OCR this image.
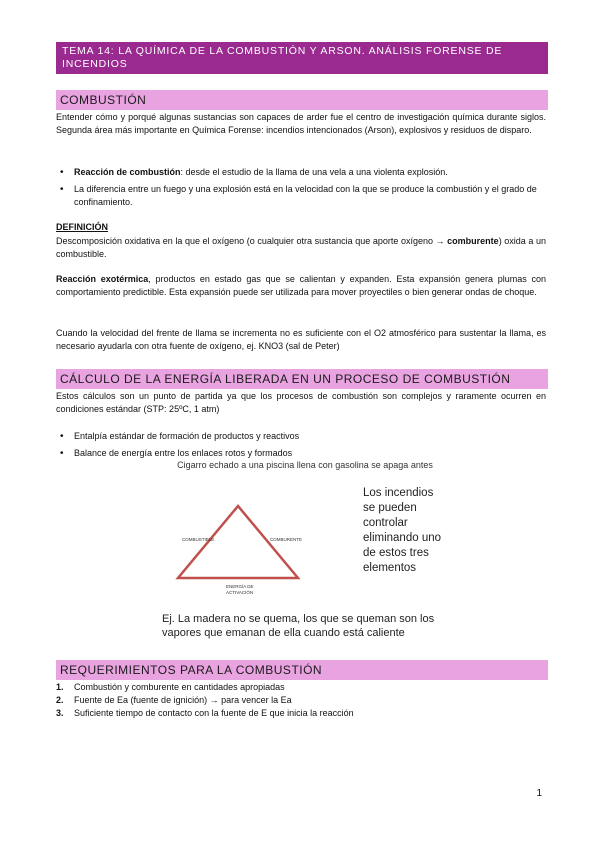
TEMA 14: LA QUÍMICA DE LA COMBUSTIÓN Y ARSON. ANÁLISIS FORENSE DE INCENDIOS
COMBUSTIÓN
Entender cómo y porqué algunas sustancias son capaces de arder fue el centro de investigación química durante siglos. Segunda área más importante en Química Forense: incendios intencionados (Arson), explosivos y residuos de disparo.
• Reacción de combustión: desde el estudio de la llama de una vela a una violenta explosión.
• La diferencia entre un fuego y una explosión está en la velocidad con la que se produce la combustión y el grado de confinamiento.
DEFINICIÓN
Descomposición oxidativa en la que el oxígeno (o cualquier otra sustancia que aporte oxígeno → comburente) oxida a un combustible.
Reacción exotérmica, productos en estado gas que se calientan y expanden. Esta expansión genera plumas con comportamiento predictible. Esta expansión puede ser utilizada para mover proyectiles o bien generar ondas de choque.
Cuando la velocidad del frente de llama se incrementa no es suficiente con el O2 atmosférico para sustentar la llama, es necesario ayudarla con otra fuente de oxígeno, ej. KNO3 (sal de Peter)
CÁLCULO DE LA ENERGÍA LIBERADA EN UN PROCESO DE COMBUSTIÓN
Estos cálculos son un punto de partida ya que los procesos de combustión son complejos y raramente ocurren en condiciones estándar (STP: 25ºC, 1 atm)
• Entalpía estándar de formación de productos y reactivos
• Balance de energía entre los enlaces rotos y formados
Cigarro echado a una piscina llena con gasolina se apaga antes
COMBUSTIBLE	COMBURENTE
ENERGÍA DE
ACTIVACIÓN
Los incendios se pueden controlar eliminando uno de estos tres elementos
Ej. La madera no se quema, los que se queman son los vapores que emanan de ella cuando está caliente
REQUERIMIENTOS PARA LA COMBUSTIÓN
1. Combustión y comburente en cantidades apropiadas
2. Fuente de Ea (fuente de ignición) → para vencer la Ea
3. Suficiente tiempo de contacto con la fuente de E que inicia la reacción
1
